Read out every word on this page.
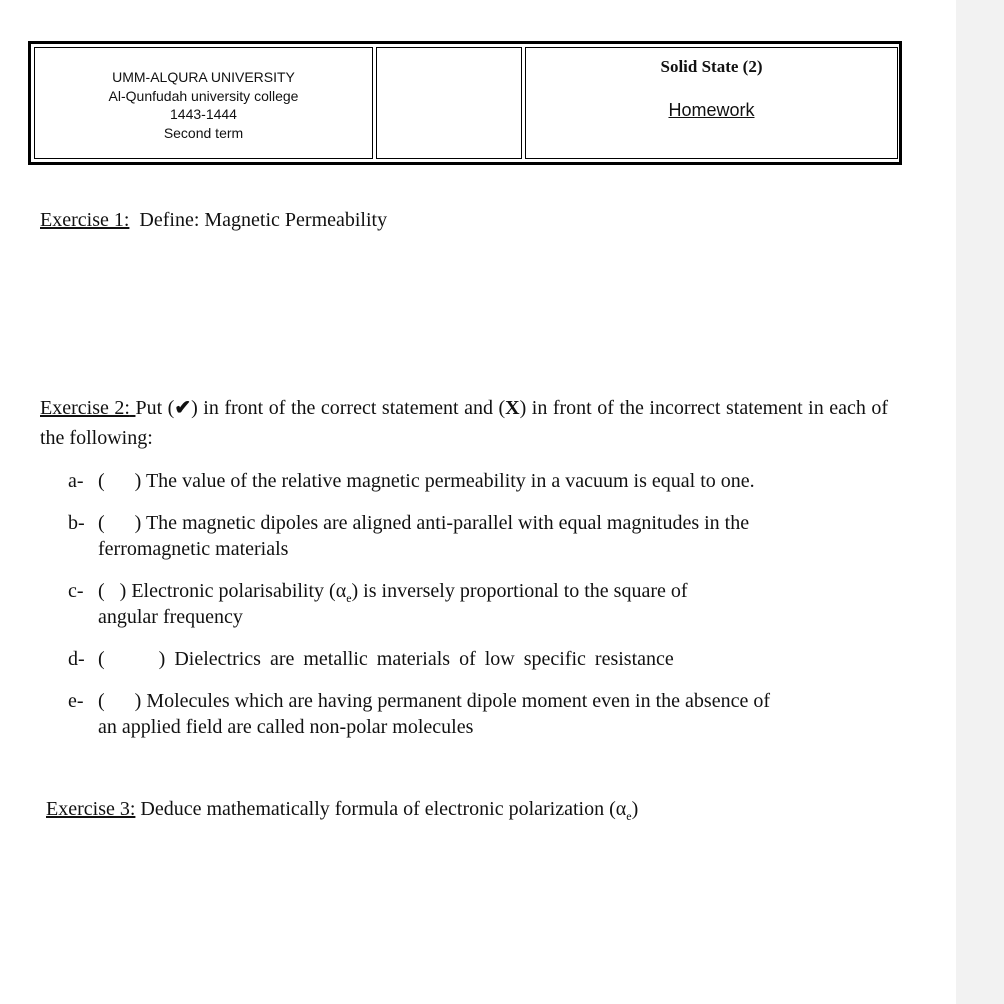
UMM-ALQURA UNIVERSITY
Al-Qunfudah university college
1443-1444
Second term
Solid State (2)
Homework
Exercise 1: Define: Magnetic Permeability
Exercise 2: Put (✔) in front of the correct statement and (X) in front of the incorrect statement in each of the following:
a- (      ) The value of the relative magnetic permeability in a vacuum is equal to one.
b- (      ) The magnetic dipoles are aligned anti-parallel with equal magnitudes in the
ferromagnetic materials
c- (   ) Electronic polarisability $(\alpha_e)$ is inversely proportional to the square of
angular frequency
d- (      ) Dielectrics are metallic materials of low specific resistance
e- (      ) Molecules which are having permanent dipole moment even in the absence of
an applied field are called non-polar molecules
Exercise 3: Deduce mathematically formula of electronic polarization $(\alpha_e)$
